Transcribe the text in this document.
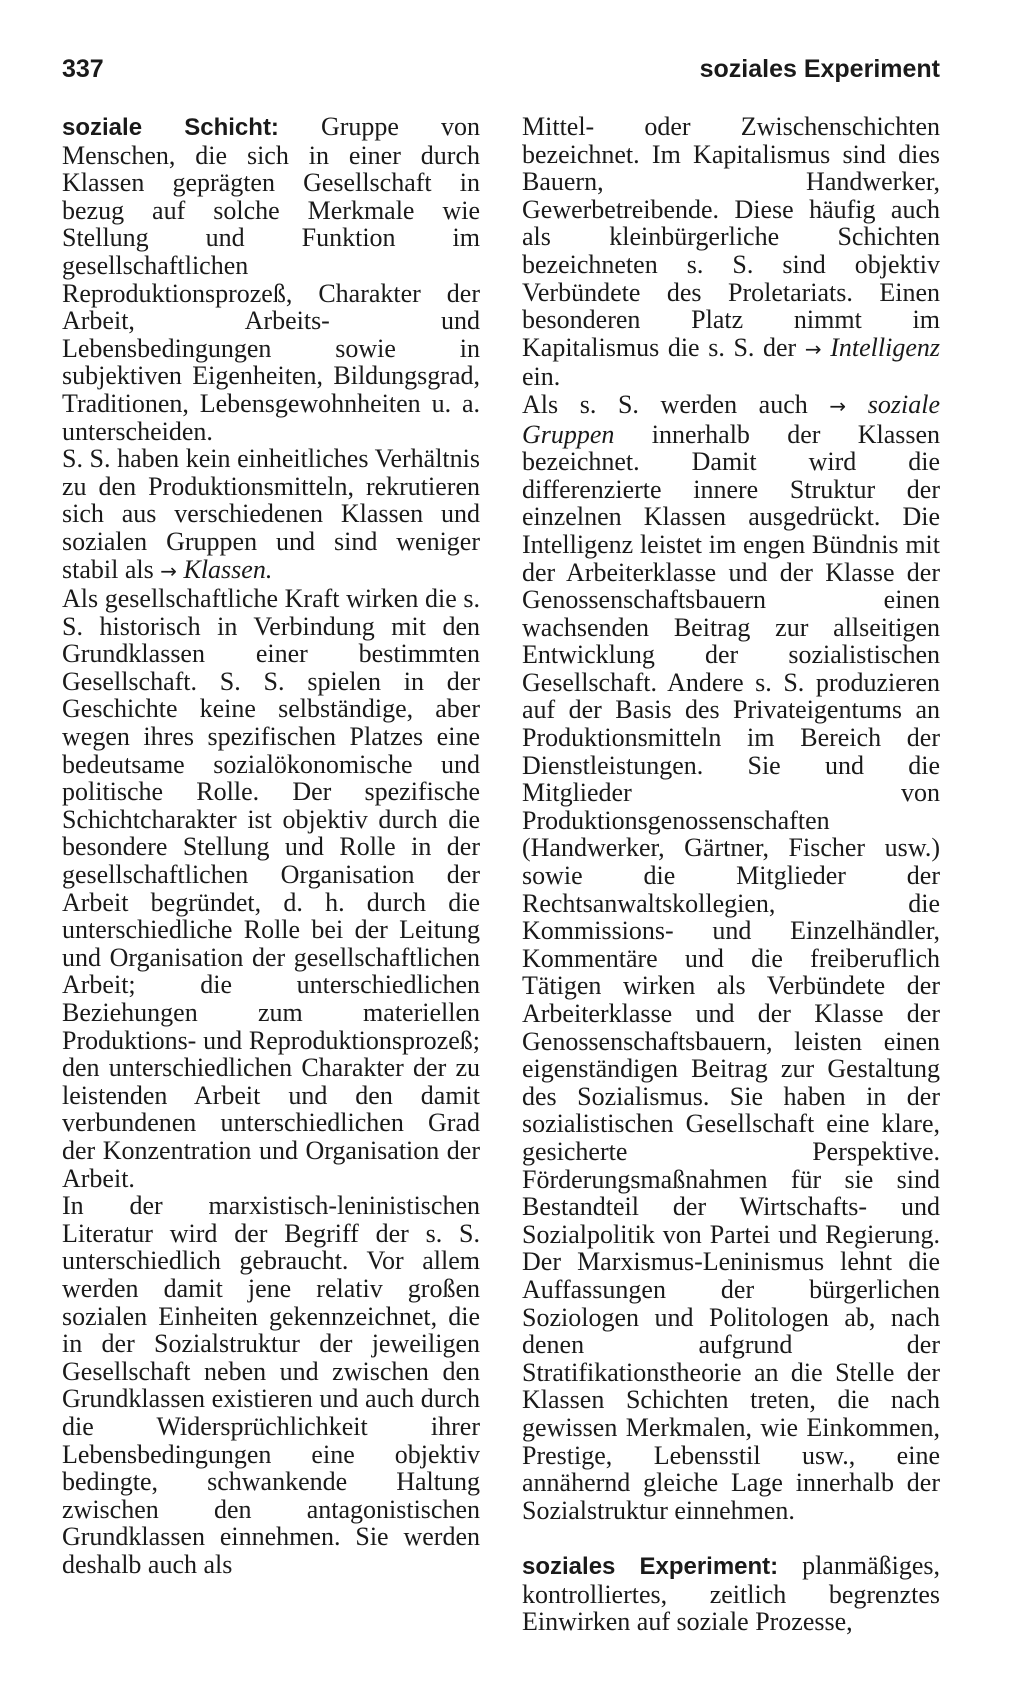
337	soziales Experiment

soziale Schicht: Gruppe von Menschen, die sich in einer durch Klassen geprägten Gesellschaft in bezug auf solche Merkmale wie Stellung und Funktion im gesellschaftlichen Reproduktionsprozeß, Charakter der Arbeit, Arbeits- und Lebensbedingungen sowie in subjektiven Eigenheiten, Bildungsgrad, Traditionen, Lebensgewohnheiten u. a. unterscheiden.

S. S. haben kein einheitliches Verhältnis zu den Produktionsmitteln, rekrutieren sich aus verschiedenen Klassen und sozialen Gruppen und sind weniger stabil als → Klassen.

Als gesellschaftliche Kraft wirken die s. S. historisch in Verbindung mit den Grundklassen einer bestimmten Gesellschaft. S. S. spielen in der Geschichte keine selbständige, aber wegen ihres spezifischen Platzes eine bedeutsame sozialökonomische und politische Rolle. Der spezifische Schichtcharakter ist objektiv durch die besondere Stellung und Rolle in der gesellschaftlichen Organisation der Arbeit begründet, d. h. durch die unterschiedliche Rolle bei der Leitung und Organisation der gesellschaftlichen Arbeit; die unterschiedlichen Beziehungen zum materiellen Produktions- und Reproduktionsprozeß; den unterschiedlichen Charakter der zu leistenden Arbeit und den damit verbundenen unterschiedlichen Grad der Konzentration und Organisation der Arbeit.

In der marxistisch-leninistischen Literatur wird der Begriff der s. S. unterschiedlich gebraucht. Vor allem werden damit jene relativ großen sozialen Einheiten gekennzeichnet, die in der Sozialstruktur der jeweiligen Gesellschaft neben und zwischen den Grundklassen existieren und auch durch die Widersprüchlichkeit ihrer Lebensbedingungen eine objektiv bedingte, schwankende Haltung zwischen den antagonistischen Grundklassen einnehmen. Sie werden deshalb auch als

Mittel- oder Zwischenschichten bezeichnet. Im Kapitalismus sind dies Bauern, Handwerker, Gewerbetreibende. Diese häufig auch als kleinbürgerliche Schichten bezeichneten s. S. sind objektiv Verbündete des Proletariats. Einen besonderen Platz nimmt im Kapitalismus die s. S. der → Intelligenz ein.

Als s. S. werden auch → soziale Gruppen innerhalb der Klassen bezeichnet. Damit wird die differenzierte innere Struktur der einzelnen Klassen ausgedrückt. Die Intelligenz leistet im engen Bündnis mit der Arbeiterklasse und der Klasse der Genossenschaftsbauern einen wachsenden Beitrag zur allseitigen Entwicklung der sozialistischen Gesellschaft. Andere s. S. produzieren auf der Basis des Privateigentums an Produktionsmitteln im Bereich der Dienstleistungen. Sie und die Mitglieder von Produktionsgenossenschaften (Handwerker, Gärtner, Fischer usw.) sowie die Mitglieder der Rechtsanwaltskollegien, die Kommissions- und Einzelhändler, Kommentäre und die freiberuflich Tätigen wirken als Verbündete der Arbeiterklasse und der Klasse der Genossenschaftsbauern, leisten einen eigenständigen Beitrag zur Gestaltung des Sozialismus. Sie haben in der sozialistischen Gesellschaft eine klare, gesicherte Perspektive. Förderungsmaßnahmen für sie sind Bestandteil der Wirtschafts- und Sozialpolitik von Partei und Regierung. Der Marxismus-Leninismus lehnt die Auffassungen der bürgerlichen Soziologen und Politologen ab, nach denen aufgrund der Stratifikationstheorie an die Stelle der Klassen Schichten treten, die nach gewissen Merkmalen, wie Einkommen, Prestige, Lebensstil usw., eine annähernd gleiche Lage innerhalb der Sozialstruktur einnehmen.

soziales Experiment: planmäßiges, kontrolliertes, zeitlich begrenztes Einwirken auf soziale Prozesse,
